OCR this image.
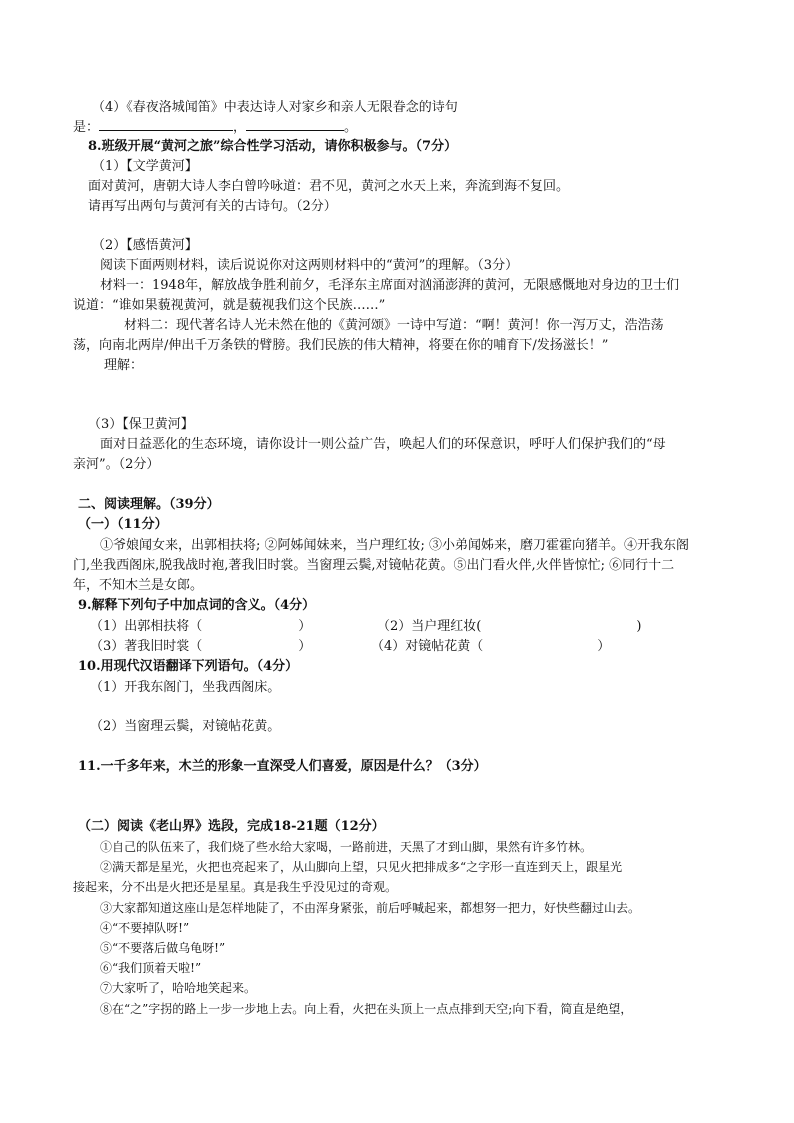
（4）《春夜洛城闻笛》中表达诗人对家乡和亲人无限眷念的诗句
是：	，	。
8.班级开展“黄河之旅”综合性学习活动，请你积极参与。（7分）
（1）【文学黄河】
面对黄河，唐朝大诗人李白曾吟咏道：君不见，黄河之水天上来，奔流到海不复回。
请再写出两句与黄河有关的古诗句。（2分）
（2）【感悟黄河】
阅读下面两则材料，读后说说你对这两则材料中的“黄河”的理解。（3分）
材料一：1948年，解放战争胜利前夕，毛泽东主席面对汹涌澎湃的黄河，无限感慨地对身边的卫士们
说道：“谁如果藐视黄河，就是藐视我们这个民族……”
材料二：现代著名诗人光未然在他的《黄河颂》一诗中写道：“啊！黄河！你一泻万丈，浩浩荡
荡，向南北两岸/伸出千万条铁的臂膀。我们民族的伟大精神，将要在你的哺育下/发扬滋长！”
理解：
（3）【保卫黄河】
面对日益恶化的生态环境，请你设计一则公益广告，唤起人们的环保意识，呼吁人们保护我们的“母
亲河”。（2分）
二、阅读理解。（39分）
（一）（11分）
①爷娘闻女来，出郭相扶将; ②阿姊闻妹来，当户理红妆; ③小弟闻姊来，磨刀霍霍向猪羊。④开我东阁
门,坐我西阁床,脱我战时袍,著我旧时裳。当窗理云鬓,对镜帖花黄。⑤出门看火伴,火伴皆惊忙; ⑥同行十二
年，不知木兰是女郎。
9.解释下列句子中加点词的含义。（4分）
（1）出郭相扶将（	）	（2）当户理红妆(	)
（3）著我旧时裳（	）	（4）对镜帖花黄（	）
10.用现代汉语翻译下列语句。（4分）
（1）开我东阁门，坐我西阁床。
（2）当窗理云鬓，对镜帖花黄。
11.一千多年来，木兰的形象一直深受人们喜爱，原因是什么？（3分）
（二）阅读《老山界》选段，完成18-21题（12分）
①自己的队伍来了，我们烧了些水给大家喝，一路前进，天黑了才到山脚，果然有许多竹林。
②满天都是星光，火把也亮起来了，从山脚向上望，只见火把排成多“之字形一直连到天上，跟星光
接起来，分不出是火把还是星星。真是我生乎没见过的奇观。
③大家都知道这座山是怎样地陡了，不由浑身紧张，前后呼喊起来，都想努一把力，好快些翻过山去。
④“不要掉队呀!”
⑤“不要落后做乌龟呀!”
⑥“我们顶着天啦!”
⑦大家听了，哈哈地笑起来。
⑧在“之”字拐的路上一步一步地上去。向上看，火把在头顶上一点点排到天空;向下看，简直是绝望，
